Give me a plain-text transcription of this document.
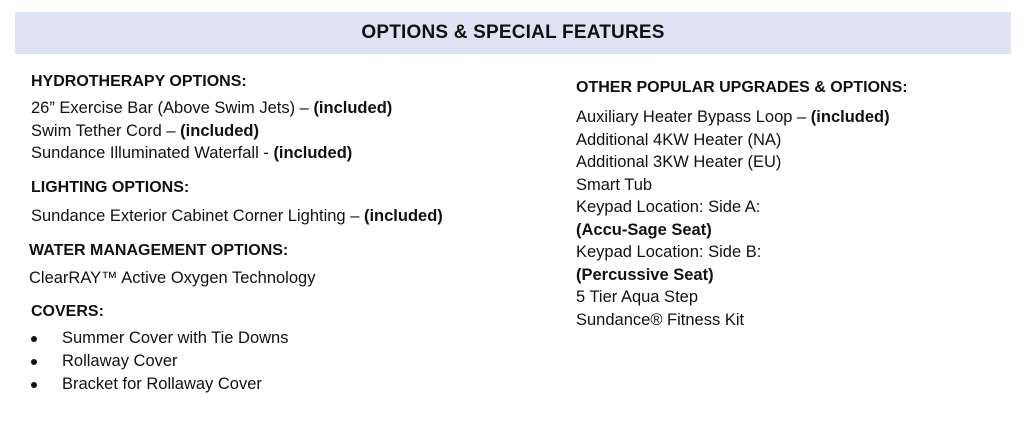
OPTIONS & SPECIAL FEATURES

HYDROTHERAPY OPTIONS:

26” Exercise Bar (Above Swim Jets) – (included)

Swim Tether Cord – (included)

Sundance Illuminated Waterfall - (included)

LIGHTING OPTIONS:

Sundance Exterior Cabinet Corner Lighting – (included)

WATER MANAGEMENT OPTIONS:

ClearRAY™ Active Oxygen Technology

COVERS:

Summer Cover with Tie Downs
Rollaway Cover
Bracket for Rollaway Cover

OTHER POPULAR UPGRADES & OPTIONS:

Auxiliary Heater Bypass Loop – (included)

Additional 4KW Heater (NA)

Additional 3KW Heater (EU)

Smart Tub

Keypad Location: Side A:

(Accu-Sage Seat)

Keypad Location: Side B:

(Percussive Seat)

5 Tier Aqua Step

Sundance® Fitness Kit
